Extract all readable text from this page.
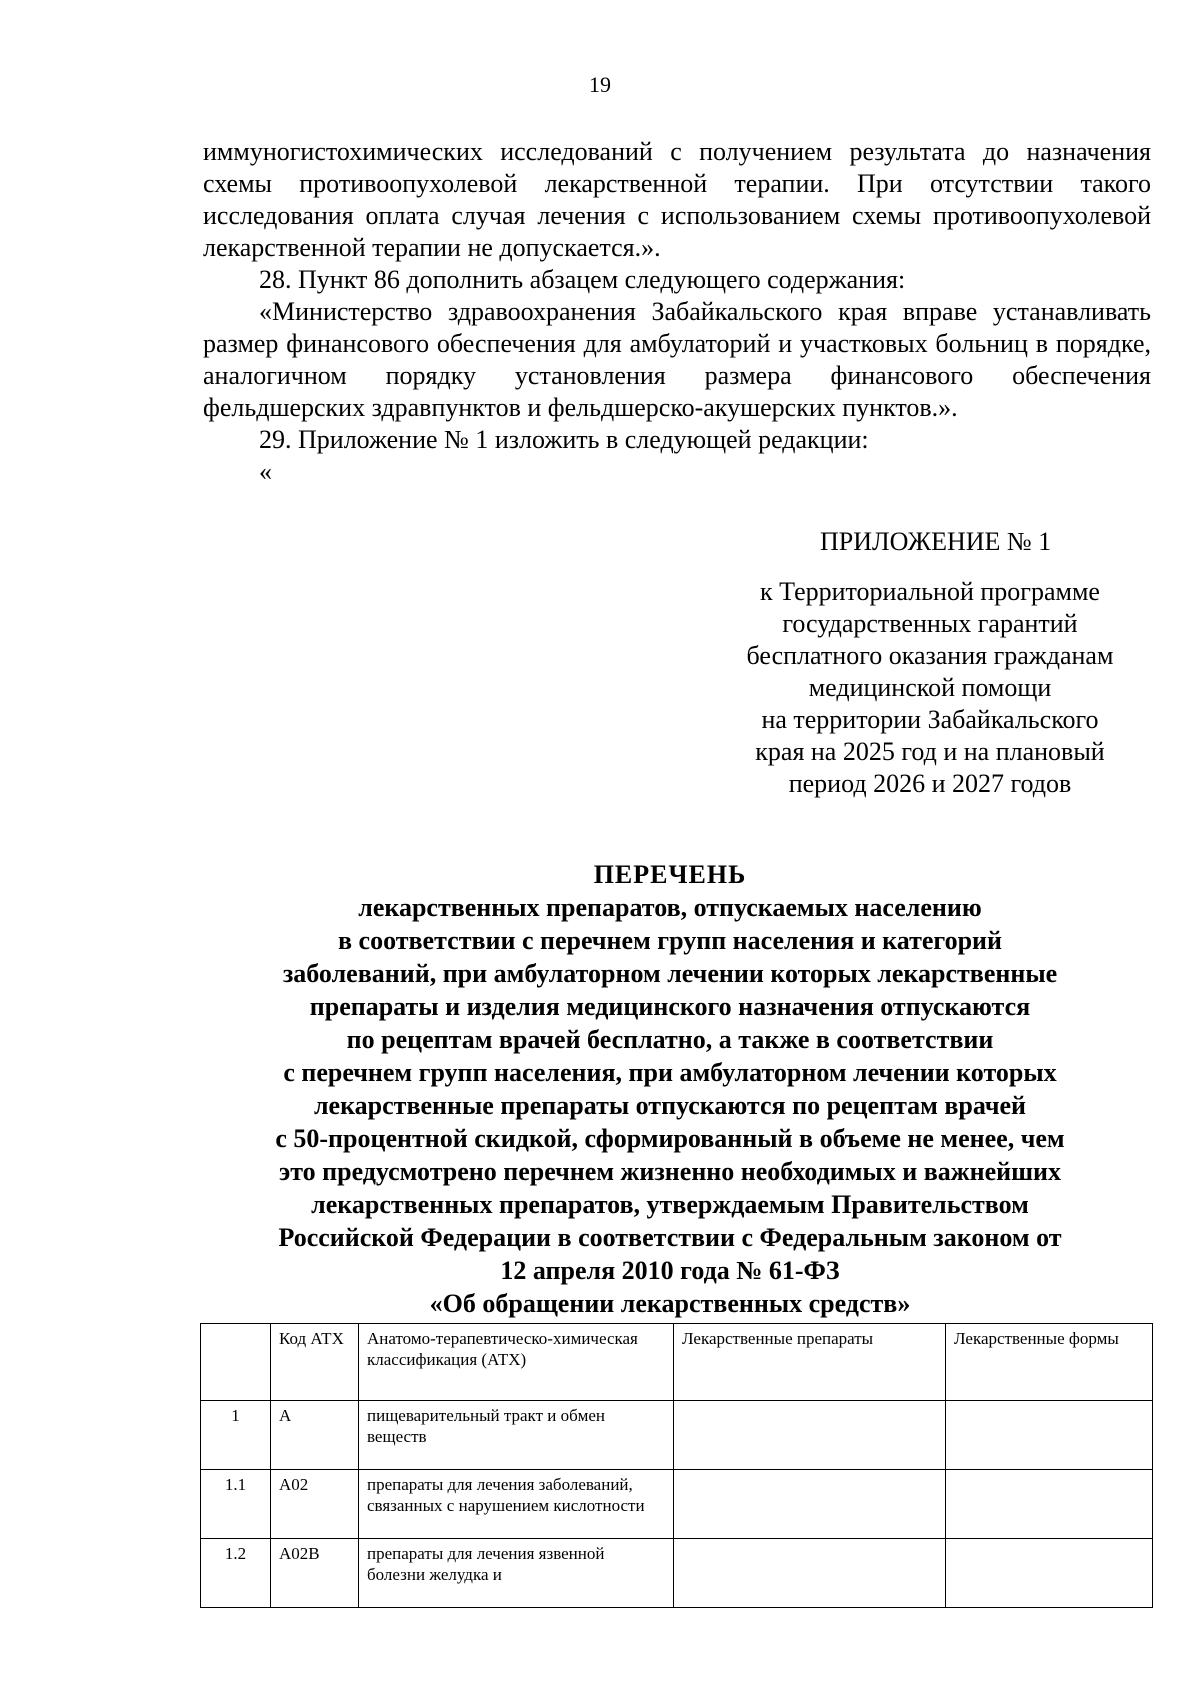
19

иммуногистохимических исследований с получением результата до назначения схемы противоопухолевой лекарственной терапии. При отсутствии такого исследования оплата случая лечения с использованием схемы противоопухолевой лекарственной терапии не допускается.».

28. Пункт 86 дополнить абзацем следующего содержания:

«Министерство здравоохранения Забайкальского края вправе устанавливать размер финансового обеспечения для амбулаторий и участковых больниц в порядке, аналогичном порядку установления размера финансового обеспечения фельдшерских здравпунктов и фельдшерско-акушерских пунктов.».

29. Приложение № 1 изложить в следующей редакции:

«

ПРИЛОЖЕНИЕ № 1
к Территориальной программе
государственных гарантий
бесплатного оказания гражданам
медицинской помощи
на территории Забайкальского
края на 2025 год и на плановый
период 2026 и 2027 годов
ПЕРЕЧЕНЬ
лекарственных препаратов, отпускаемых населению
в соответствии с перечнем групп населения и категорий
заболеваний, при амбулаторном лечении которых лекарственные
препараты и изделия медицинского назначения отпускаются
по рецептам врачей бесплатно, а также в соответствии
с перечнем групп населения, при амбулаторном лечении которых
лекарственные препараты отпускаются по рецептам врачей
с 50-процентной скидкой, сформированный в объеме не менее, чем
это предусмотрено перечнем жизненно необходимых и важнейших
лекарственных препаратов, утверждаемым Правительством
Российской Федерации в соответствии с Федеральным законом от
12 апреля 2010 года № 61-ФЗ
«Об обращении лекарственных средств»
	Код АТХ	Анатомо-терапевтическо-химическая классификация (АТХ)	Лекарственные препараты	Лекарственные формы
1	A	пищеварительный тракт и обмен веществ		
1.1	A02	препараты для лечения заболеваний, связанных с нарушением кислотности		
1.2	A02B	препараты для лечения язвенной болезни желудка и		
